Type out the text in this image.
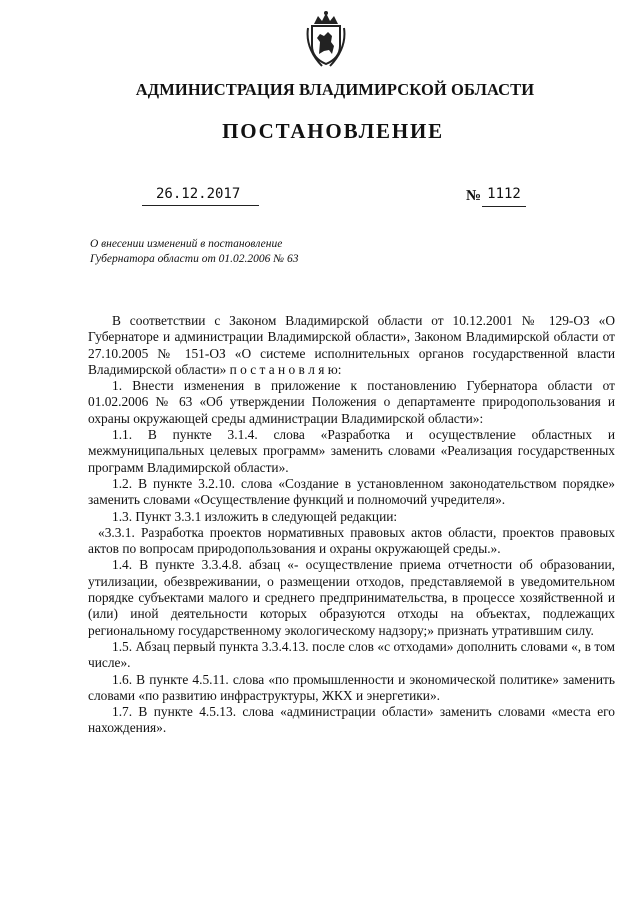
АДМИНИСТРАЦИЯ ВЛАДИМИРСКОЙ ОБЛАСТИ
ПОСТАНОВЛЕНИЕ
26.12.2017	№ 1112
О внесении изменений в постановление
Губернатора области от 01.02.2006 № 63

В соответствии с Законом Владимирской области от 10.12.2001 № 129-ОЗ «О Губернаторе и администрации Владимирской области», Законом Владимирской области от 27.10.2005 № 151-ОЗ «О системе исполнительных органов государственной власти Владимирской области» п о с т а н о в л я ю:

1. Внести изменения в приложение к постановлению Губернатора области от 01.02.2006 № 63 «Об утверждении Положения о департаменте природопользования и охраны окружающей среды администрации Владимирской области»:

1.1. В пункте 3.1.4. слова «Разработка и осуществление областных и межмуниципальных целевых программ» заменить словами «Реализация государственных программ Владимирской области».

1.2. В пункте 3.2.10. слова «Создание в установленном законодательством порядке» заменить словами «Осуществление функций и полномочий учредителя».

1.3. Пункт 3.3.1 изложить в следующей редакции:

«3.3.1. Разработка проектов нормативных правовых актов области, проектов правовых актов по вопросам природопользования и охраны окружающей среды.».

1.4. В пункте 3.3.4.8. абзац «- осуществление приема отчетности об образовании, утилизации, обезвреживании, о размещении отходов, представляемой в уведомительном порядке субъектами малого и среднего предпринимательства, в процессе хозяйственной и (или) иной деятельности которых образуются отходы на объектах, подлежащих региональному государственному экологическому надзору;» признать утратившим силу.

1.5. Абзац первый пункта 3.3.4.13. после слов «с отходами» дополнить словами «, в том числе».

1.6. В пункте 4.5.11. слова «по промышленности и экономической политике» заменить словами «по развитию инфраструктуры, ЖКХ и энергетики».

1.7. В пункте 4.5.13. слова «администрации области» заменить словами «места его нахождения».
